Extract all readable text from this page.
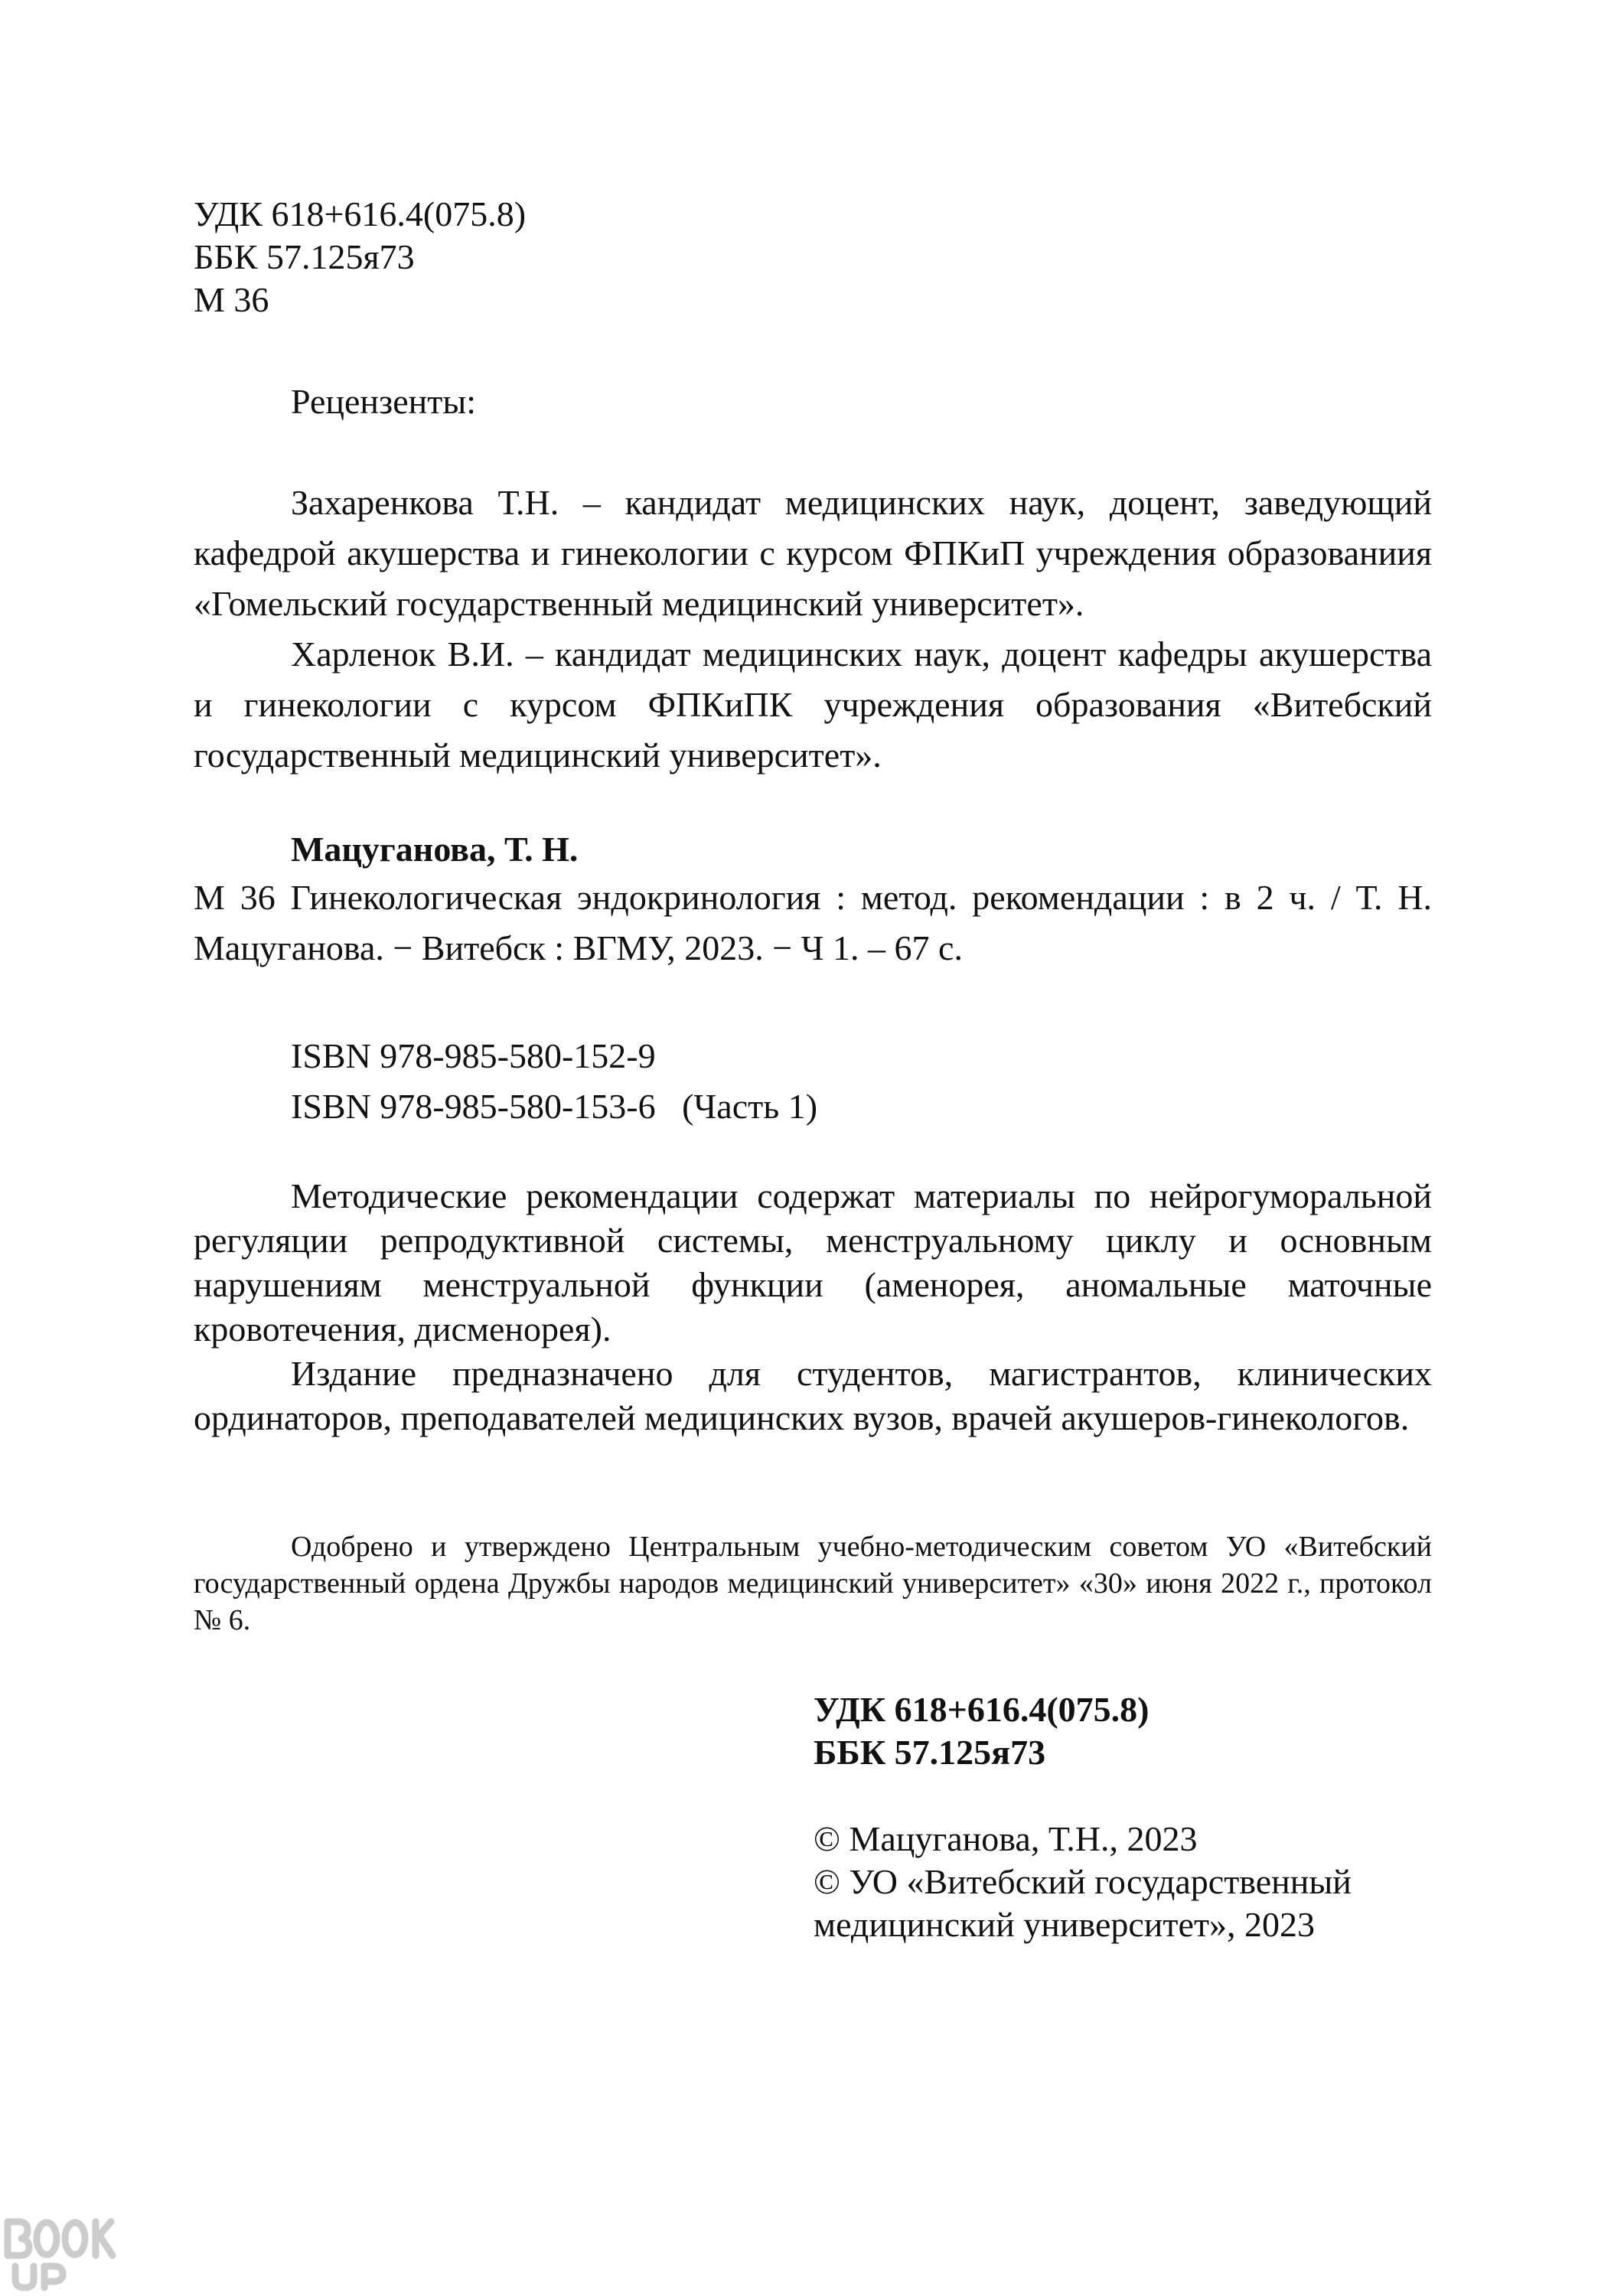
УДК 618+616.4(075.8)
ББК 57.125я73
М 36
Рецензенты:

Захаренкова Т.Н. – кандидат медицинских наук, доцент, заведующий кафедрой акушерства и гинекологии с курсом ФПКиП учреждения образованиия «Гомельский государственный медицинский университет».

Харленок В.И. – кандидат медицинских наук, доцент кафедры акушерства и гинекологии с курсом ФПКиПК учреждения образования «Витебский государственный медицинский университет».

Мацуганова, Т. Н.
М 36 Гинекологическая эндокринология : метод. рекомендации : в 2 ч. / Т. Н. Мацуганова. − Витебск : ВГМУ, 2023. − Ч 1. – 67 с.
ISBN 978-985-580-152-9
ISBN 978-985-580-153-6   (Часть 1)

Методические рекомендации содержат материалы по нейрогуморальной регуляции репродуктивной системы, менструальному циклу и основным нарушениям менструальной функции (аменорея, аномальные маточные кровотечения, дисменорея).

Издание предназначено для студентов, магистрантов, клинических ординаторов, преподавателей медицинских вузов, врачей акушеров-гинекологов.

Одобрено и утверждено Центральным учебно-методическим советом УО «Витебский государственный ордена Дружбы народов медицинский университет» «30» июня 2022 г., протокол № 6.

УДК 618+616.4(075.8)
ББК 57.125я73
© Мацуганова, Т.Н., 2023
© УО «Витебский государственный
медицинский университет», 2023
